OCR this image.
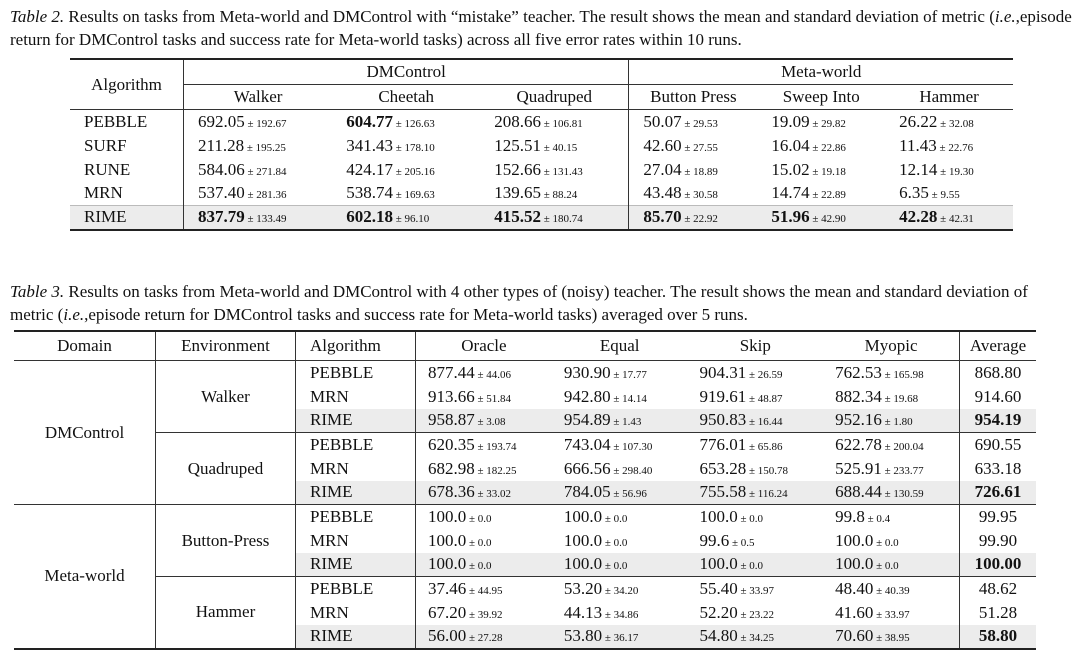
Table 2. Results on tasks from Meta-world and DMControl with “mistake” teacher. The result shows the mean and standard deviation of metric (i.e.,episode return for DMControl tasks and success rate for Meta-world tasks) across all five error rates within 10 runs.
Algorithm	DMControl			Meta-world		
	Walker	Cheetah	Quadruped	Button Press	Sweep Into	Hammer
PEBBLE	692.05 ± 192.67	604.77 ± 126.63	208.66 ± 106.81	50.07 ± 29.53	19.09 ± 29.82	26.22 ± 32.08
SURF	211.28 ± 195.25	341.43 ± 178.10	125.51 ± 40.15	42.60 ± 27.55	16.04 ± 22.86	11.43 ± 22.76
RUNE	584.06 ± 271.84	424.17 ± 205.16	152.66 ± 131.43	27.04 ± 18.89	15.02 ± 19.18	12.14 ± 19.30
MRN	537.40 ± 281.36	538.74 ± 169.63	139.65 ± 88.24	43.48 ± 30.58	14.74 ± 22.89	6.35 ± 9.55
RIME	837.79 ± 133.49	602.18 ± 96.10	415.52 ± 180.74	85.70 ± 22.92	51.96 ± 42.90	42.28 ± 42.31
Table 3. Results on tasks from Meta-world and DMControl with 4 other types of (noisy) teacher. The result shows the mean and standard deviation of metric (i.e.,episode return for DMControl tasks and success rate for Meta-world tasks) averaged over 5 runs.
Domain	Environment	Algorithm	Oracle	Equal	Skip	Myopic	Average
DMControl	Walker	PEBBLE	877.44 ± 44.06	930.90 ± 17.77	904.31 ± 26.59	762.53 ± 165.98	868.80
		MRN	913.66 ± 51.84	942.80 ± 14.14	919.61 ± 48.87	882.34 ± 19.68	914.60
		RIME	958.87 ± 3.08	954.89 ± 1.43	950.83 ± 16.44	952.16 ± 1.80	954.19
	Quadruped	PEBBLE	620.35 ± 193.74	743.04 ± 107.30	776.01 ± 65.86	622.78 ± 200.04	690.55
		MRN	682.98 ± 182.25	666.56 ± 298.40	653.28 ± 150.78	525.91 ± 233.77	633.18
		RIME	678.36 ± 33.02	784.05 ± 56.96	755.58 ± 116.24	688.44 ± 130.59	726.61
Meta-world	Button-Press	PEBBLE	100.0 ± 0.0	100.0 ± 0.0	100.0 ± 0.0	99.8 ± 0.4	99.95
		MRN	100.0 ± 0.0	100.0 ± 0.0	99.6 ± 0.5	100.0 ± 0.0	99.90
		RIME	100.0 ± 0.0	100.0 ± 0.0	100.0 ± 0.0	100.0 ± 0.0	100.00
	Hammer	PEBBLE	37.46 ± 44.95	53.20 ± 34.20	55.40 ± 33.97	48.40 ± 40.39	48.62
		MRN	67.20 ± 39.92	44.13 ± 34.86	52.20 ± 23.22	41.60 ± 33.97	51.28
		RIME	56.00 ± 27.28	53.80 ± 36.17	54.80 ± 34.25	70.60 ± 38.95	58.80
